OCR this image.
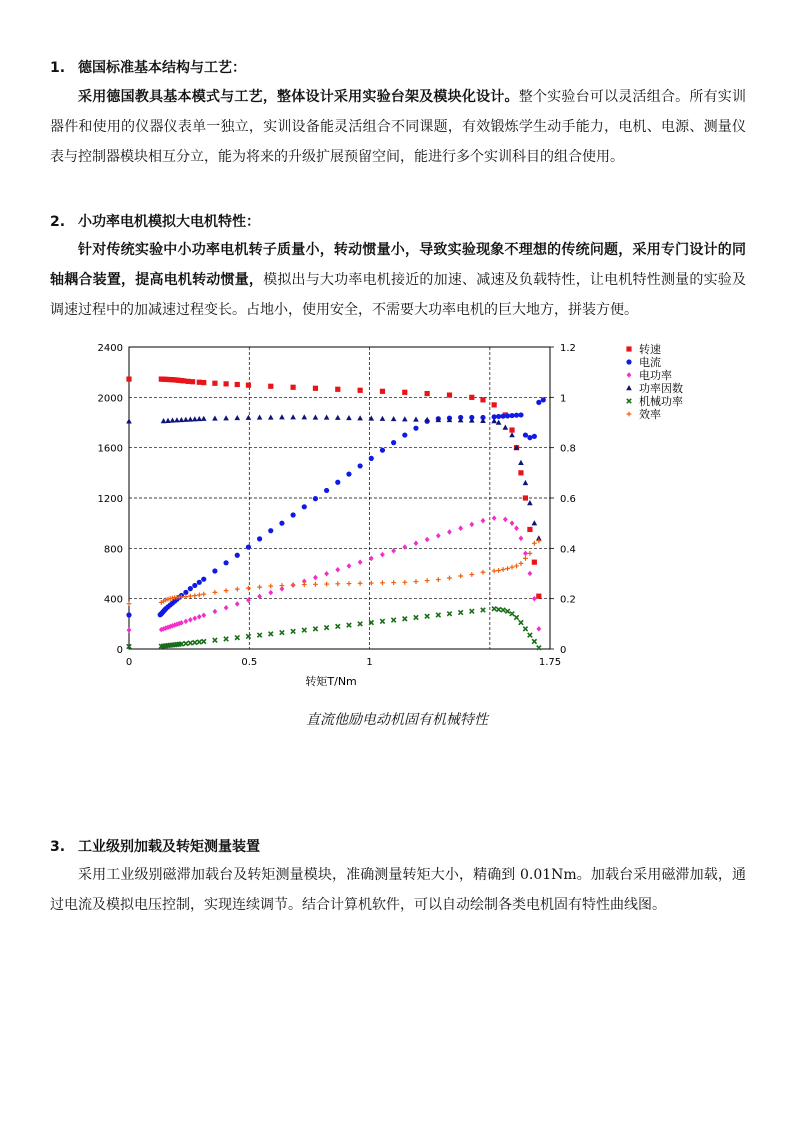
1. 德国标准基本结构与工艺：
采用德国教具基本模式与工艺，整体设计采用实验台架及模块化设计。整个实验台可以灵活组合。所有实训器件和使用的仪器仪表单一独立，实训设备能灵活组合不同课题，有效锻炼学生动手能力，电机、电源、测量仪表与控制器模块相互分立，能为将来的升级扩展预留空间，能进行多个实训科目的组合使用。
2. 小功率电机模拟大电机特性：
针对传统实验中小功率电机转子质量小，转动惯量小，导致实验现象不理想的传统问题，采用专门设计的同轴耦合装置，提高电机转动惯量，模拟出与大功率电机接近的加速、减速及负载特性，让电机特性测量的实验及调速过程中的加减速过程变长。占地小，使用安全，不需要大功率电机的巨大地方，拼装方便。
0
400
800
1200
1600
2000
2400
0
0.2
0.4
0.6
0.8
1
1.2
0	0.5	1	1.75
转矩T/Nm
转速
电流
电功率
功率因数
机械功率
效率
直流他励电动机固有机械特性
3. 工业级别加载及转矩测量装置
采用工业级别磁滞加载台及转矩测量模块，准确测量转矩大小，精确到 0.01Nm。加载台采用磁滞加载，通过电流及模拟电压控制，实现连续调节。结合计算机软件，可以自动绘制各类电机固有特性曲线图。
